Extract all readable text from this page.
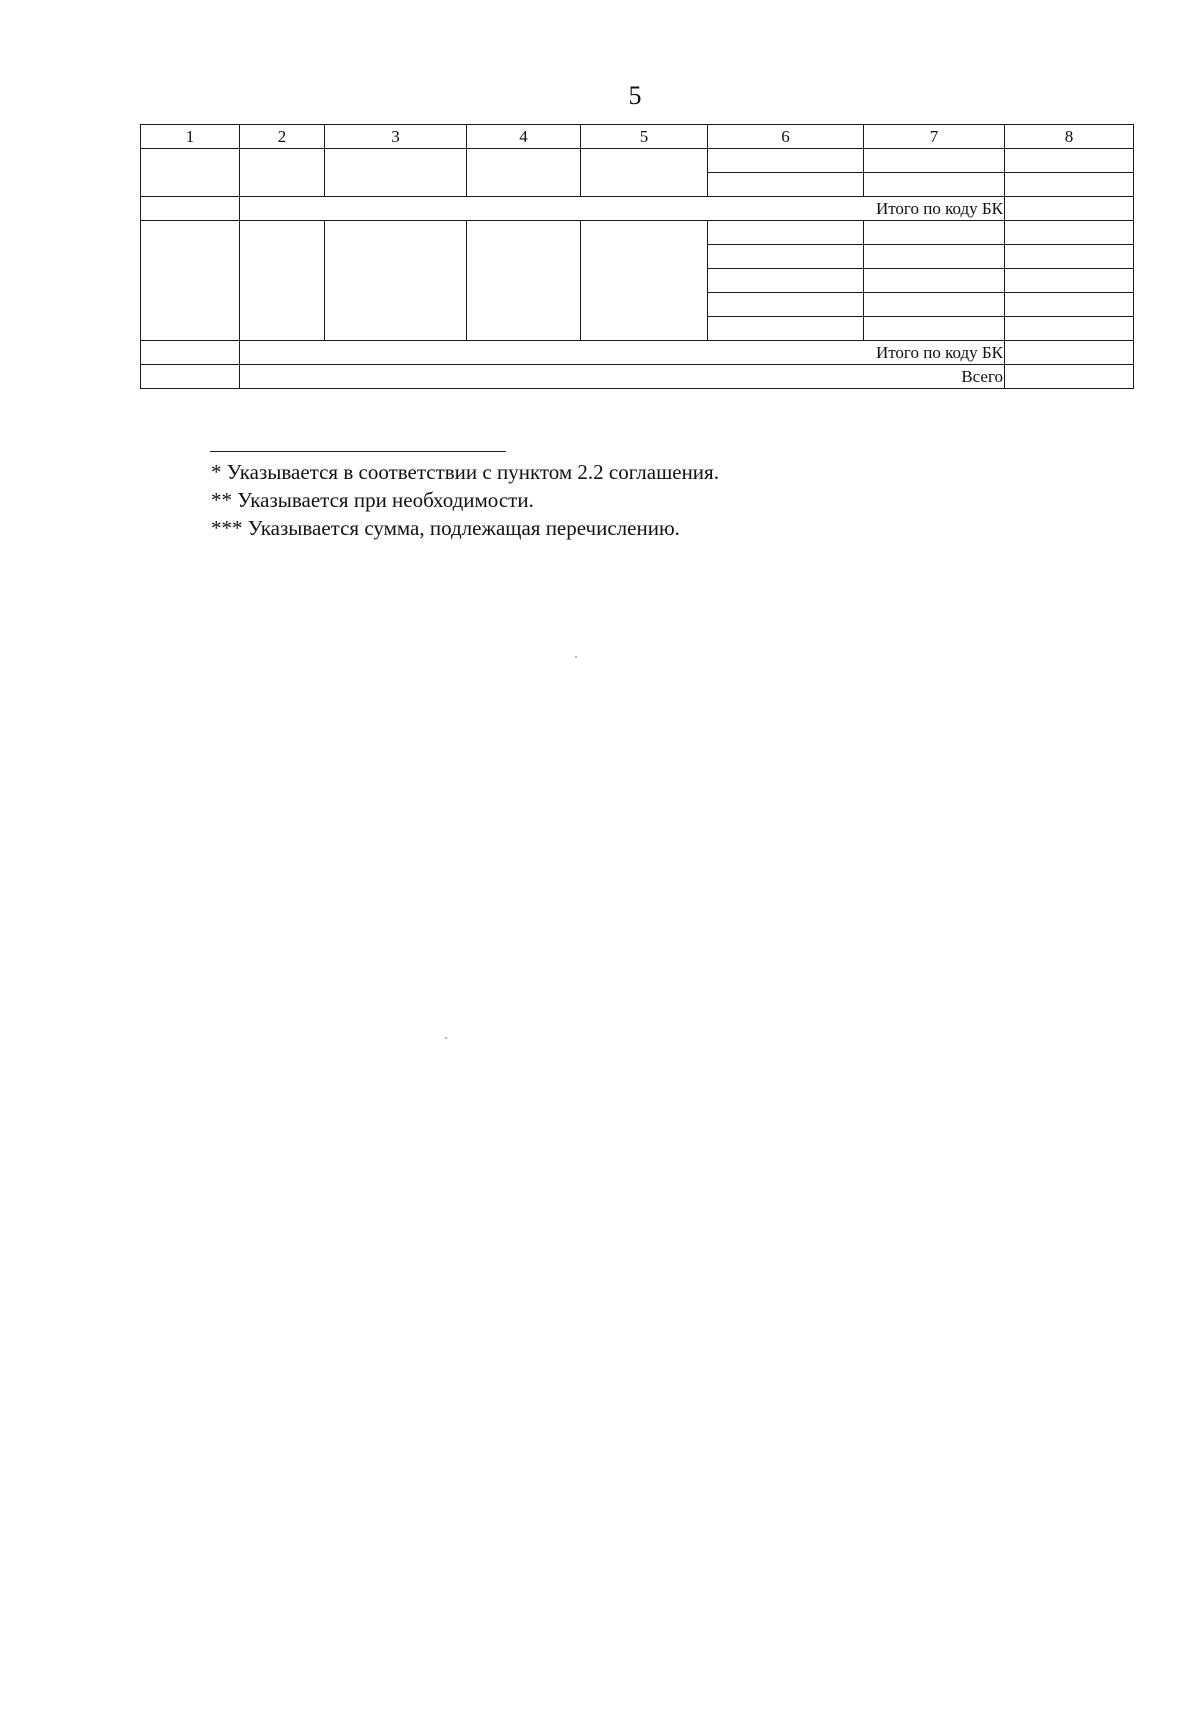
5
1	2	3	4	5	6	7	8

	Итого по коду БК						

	Итого по коду БК						
	Всего						
* Указывается в соответствии с пунктом 2.2 соглашения.
** Указывается при необходимости.
*** Указывается сумма, подлежащая перечислению.
